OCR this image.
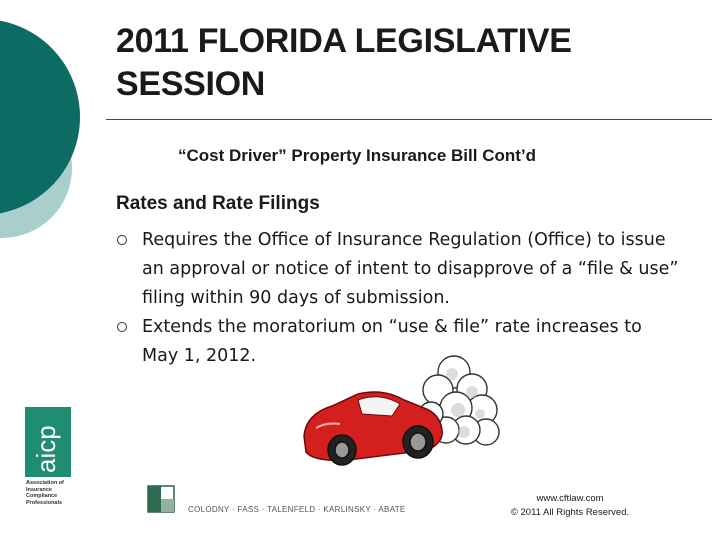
2011 FLORIDA LEGISLATIVE SESSION

“Cost Driver” Property Insurance Bill Cont’d

Rates and Rate Filings

Requires the Office of Insurance Regulation (Office) to issue an approval or notice of intent to disapprove of a “file & use” filing within 90 days of submission.
Extends the moratorium on “use & file” rate increases to May 1, 2012.
aicp

Association of Insurance Compliance Professionals

COLODNY · FASS · TALENFELD · KARLINSKY · ABATE
www.cftlaw.com
© 2011 All Rights Reserved.
